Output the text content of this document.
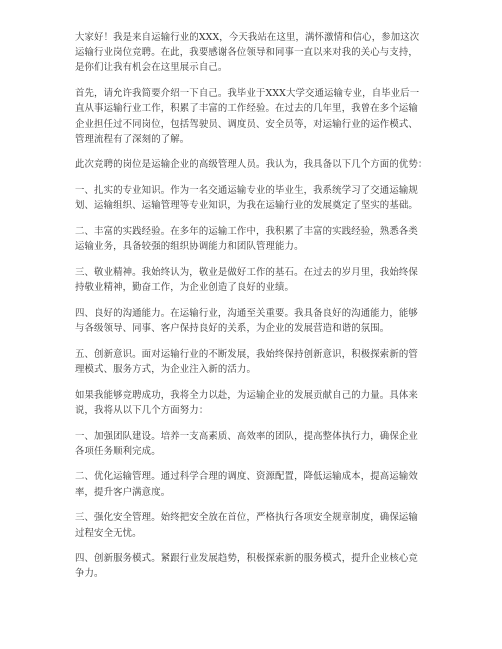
大家好！我是来自运输行业的XXX，今天我站在这里，满怀激情和信心，参加这次
运输行业岗位竞聘。在此，我要感谢各位领导和同事一直以来对我的关心与支持，
是你们让我有机会在这里展示自己。

首先，请允许我简要介绍一下自己。我毕业于XXX大学交通运输专业，自毕业后一
直从事运输行业工作，积累了丰富的工作经验。在过去的几年里，我曾在多个运输
企业担任过不同岗位，包括驾驶员、调度员、安全员等，对运输行业的运作模式、
管理流程有了深刻的了解。

此次竞聘的岗位是运输企业的高级管理人员。我认为，我具备以下几个方面的优势：

一、扎实的专业知识。作为一名交通运输专业的毕业生，我系统学习了交通运输规
划、运输组织、运输管理等专业知识，为我在运输行业的发展奠定了坚实的基础。

二、丰富的实践经验。在多年的运输工作中，我积累了丰富的实践经验，熟悉各类
运输业务，具备较强的组织协调能力和团队管理能力。

三、敬业精神。我始终认为，敬业是做好工作的基石。在过去的岁月里，我始终保
持敬业精神，勤奋工作，为企业创造了良好的业绩。

四、良好的沟通能力。在运输行业，沟通至关重要。我具备良好的沟通能力，能够
与各级领导、同事、客户保持良好的关系，为企业的发展营造和谐的氛围。

五、创新意识。面对运输行业的不断发展，我始终保持创新意识，积极探索新的管
理模式、服务方式，为企业注入新的活力。

如果我能够竞聘成功，我将全力以赴，为运输企业的发展贡献自己的力量。具体来
说，我将从以下几个方面努力：

一、加强团队建设。培养一支高素质、高效率的团队，提高整体执行力，确保企业
各项任务顺利完成。

二、优化运输管理。通过科学合理的调度、资源配置，降低运输成本，提高运输效
率，提升客户满意度。

三、强化安全管理。始终把安全放在首位，严格执行各项安全规章制度，确保运输
过程安全无忧。

四、创新服务模式。紧跟行业发展趋势，积极探索新的服务模式，提升企业核心竞
争力。
